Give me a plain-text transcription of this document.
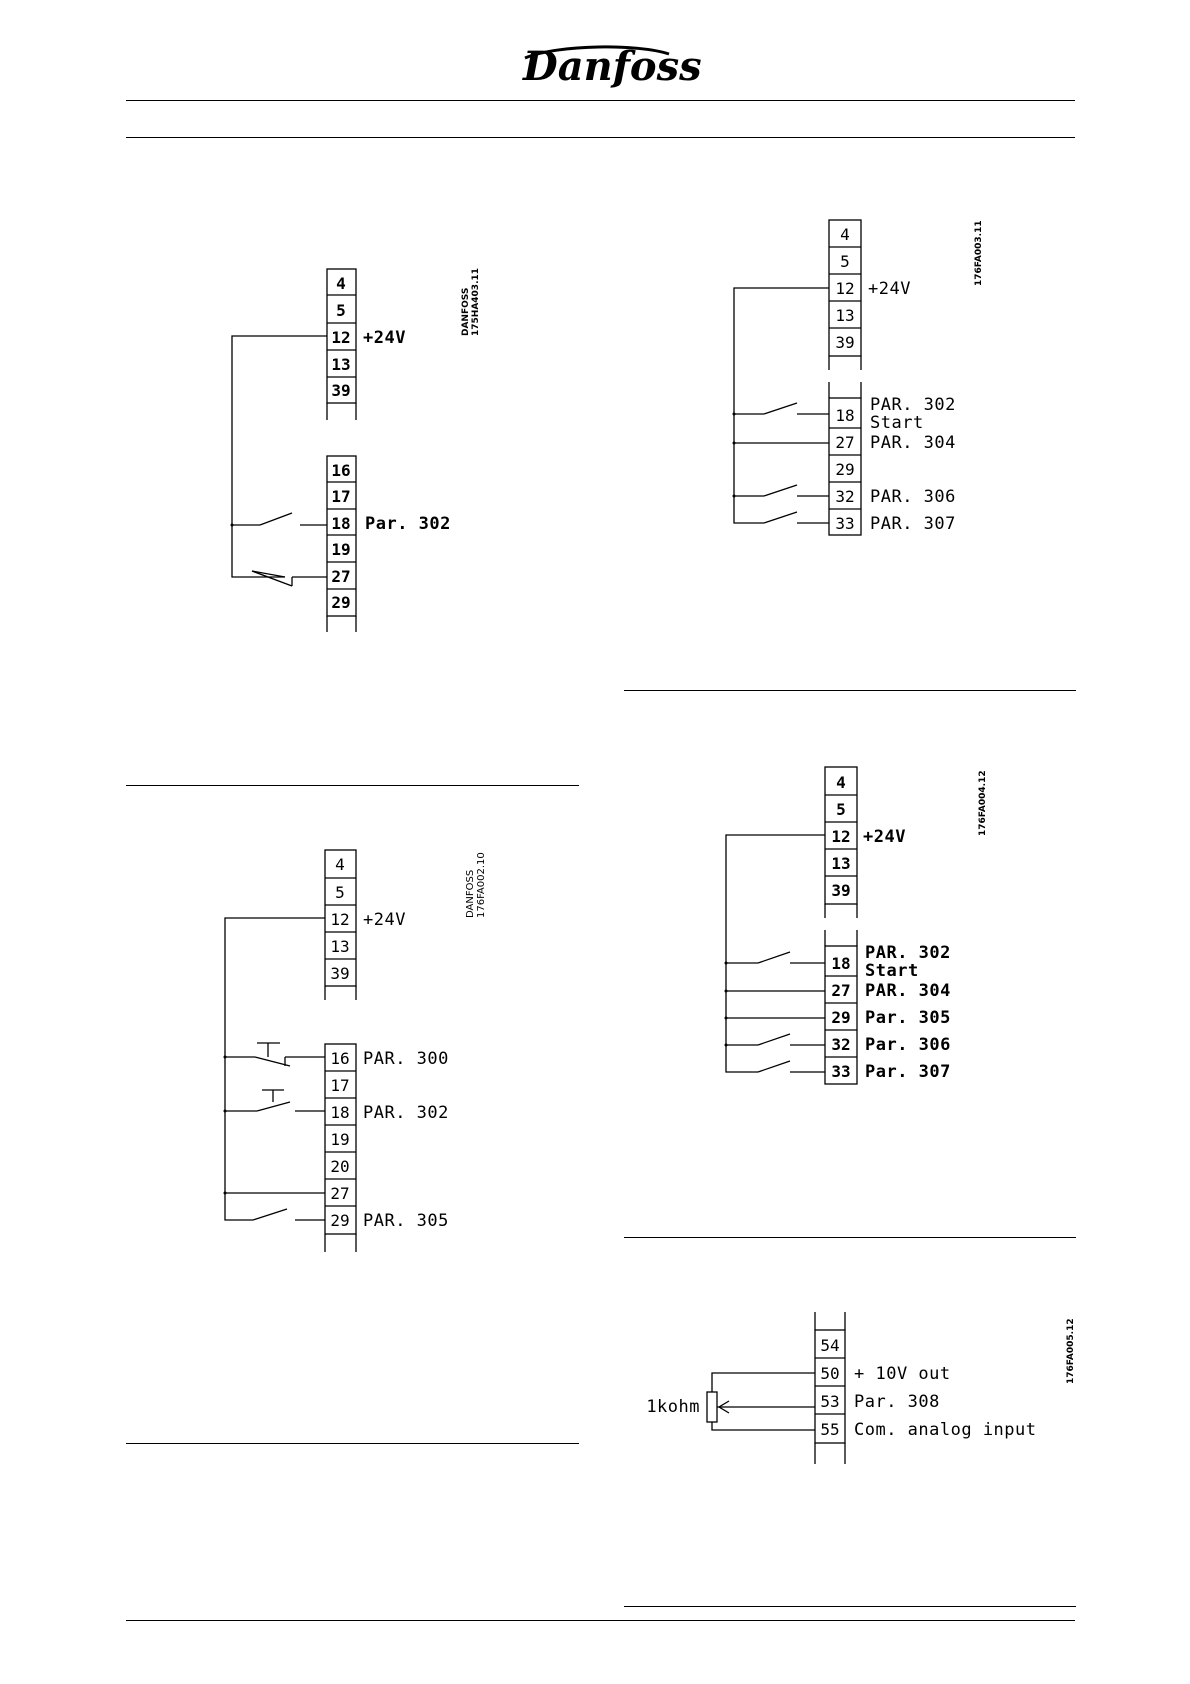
Danfoss
4
5
12
13
39
+24V
16
17
18
19
27
29
Par. 302
DANFOSS 175HA403.11
4
5
12
13
39
+24V
16
17
18
19
20
27
29
PAR. 300
PAR. 302
PAR. 305
DANFOSS 176FA002.10
4
5
12
13
39
+24V
18
27
29
32
33
PAR. 302
Start
PAR. 304
PAR. 306
PAR. 307
176FA003.11
4
5
12
13
39
+24V
18
27
29
32
33
PAR. 302
Start
PAR. 304
Par. 305
Par. 306
Par. 307
176FA004.12
54
50
53
55
+ 10V out
Par. 308
Com. analog input
1kohm
176FA005.12
